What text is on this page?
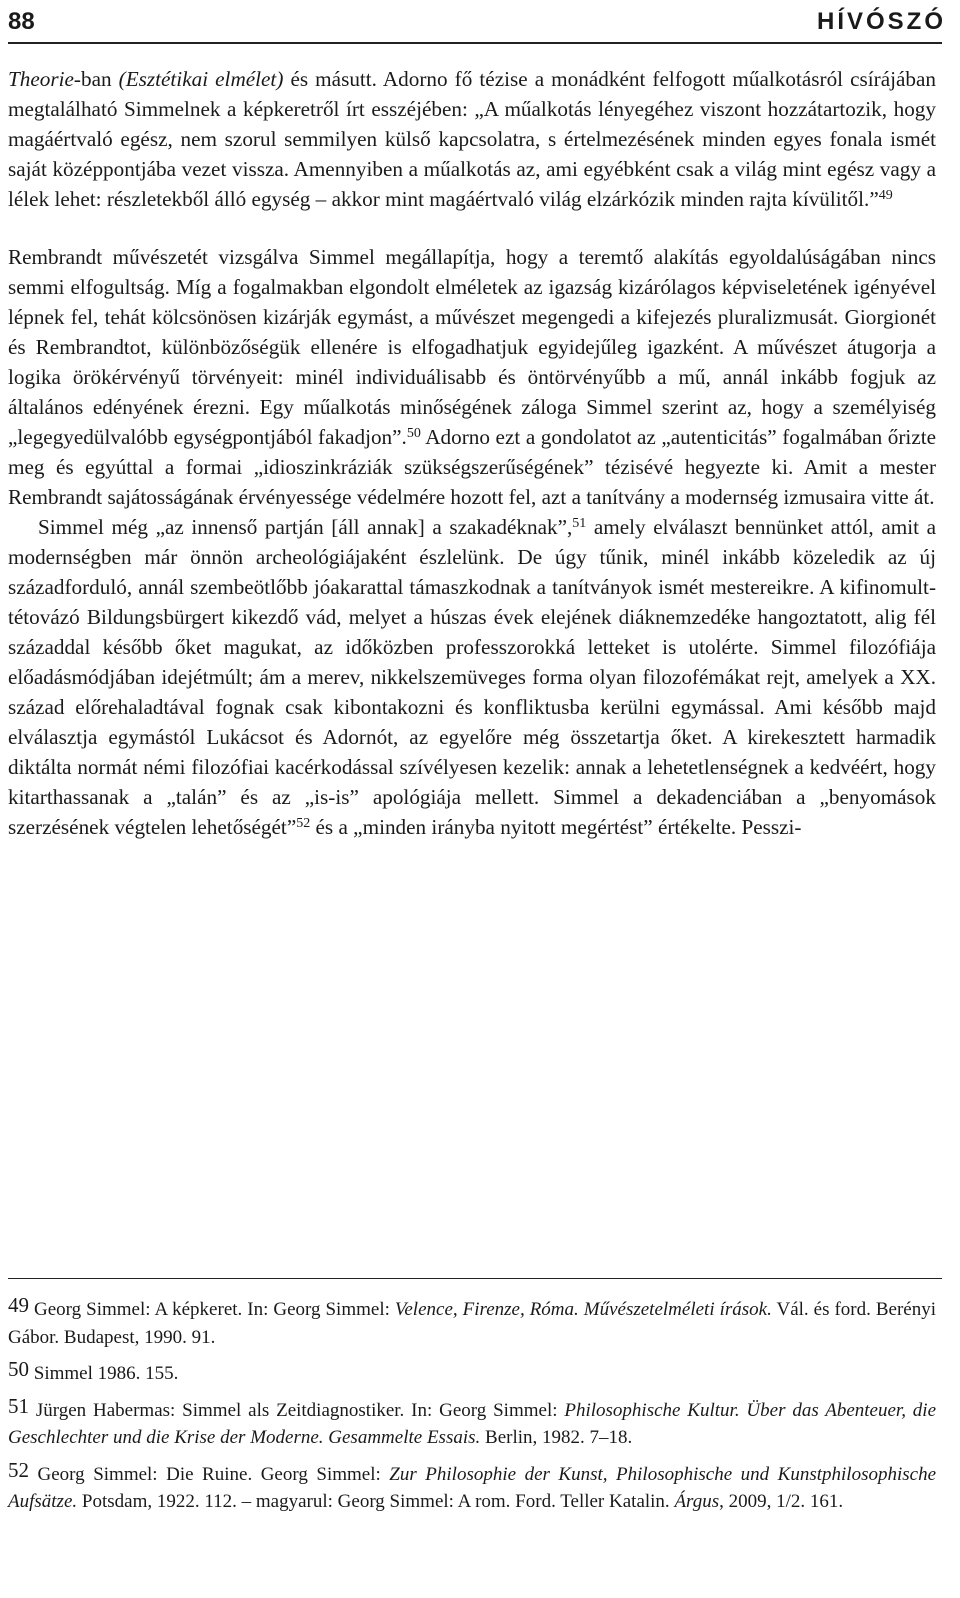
88	HÍVÓSZÓ

Theorie-ban (Esztétikai elmélet) és másutt. Adorno fő tézise a monádként felfogott műalkotásról csírájában megtalálható Simmelnek a képkeretről írt esszéjében: „A műalkotás lényegéhez viszont hozzátartozik, hogy magáértvaló egész, nem szorul semmilyen külső kapcsolatra, s értelmezésének minden egyes fonala ismét saját középpontjába vezet vissza. Amennyiben a műalkotás az, ami egyébként csak a világ mint egész vagy a lélek lehet: részletekből álló egység – akkor mint magáértvaló világ elzárkózik minden rajta kívülitől.”$^{49}$

Rembrandt művészetét vizsgálva Simmel megállapítja, hogy a teremtő alakítás egyoldalúságában nincs semmi elfogultság. Míg a fogalmakban elgondolt elméletek az igazság kizárólagos képviseletének igényével lépnek fel, tehát kölcsönösen kizárják egymást, a művészet megengedi a kifejezés pluralizmusát. Giorgionét és Rembrandtot, különbözőségük ellenére is elfogadhatjuk egyidejűleg igazként. A művészet átugorja a logika örökérvényű törvényeit: minél individuálisabb és öntörvényűbb a mű, annál inkább fogjuk az általános edényének érezni. Egy műalkotás minőségének záloga Simmel szerint az, hogy a személyiség „legegyedülvalóbb egységpontjából fakadjon”.$^{50}$ Adorno ezt a gondolatot az „autenticitás” fogalmában őrizte meg és egyúttal a formai „idioszinkráziák szükségszerűségének” tézisévé hegyezte ki. Amit a mester Rembrandt sajátosságának érvényessége védelmére hozott fel, azt a tanítvány a modernség izmusaira vitte át.

Simmel még „az innenső partján [áll annak] a szakadéknak”,$^{51}$ amely elválaszt bennünket attól, amit a modernségben már önnön archeológiájaként észlelünk. De úgy tűnik, minél inkább közeledik az új századforduló, annál szembeötlőbb jóakarattal támaszkodnak a tanítványok ismét mestereikre. A kifinomult-tétovázó Bildungsbürgert kikezdő vád, melyet a húszas évek elejének diáknemzedéke hangoztatott, alig fél századdal később őket magukat, az időközben professzorokká letteket is utolérte. Simmel filozófiája előadásmódjában idejétmúlt; ám a merev, nikkelszemüveges forma olyan filozofémákat rejt, amelyek a XX. század előrehaladtával fognak csak kibontakozni és konfliktusba kerülni egymással. Ami később majd elválasztja egymástól Lukácsot és Adornót, az egyelőre még összetartja őket. A kirekesztett harmadik diktálta normát némi filozófiai kacérkodással szívélyesen kezelik: annak a lehetetlenségnek a kedvéért, hogy kitarthassanak a „talán” és az „is-is” apológiája mellett. Simmel a dekadenciában a „benyomások szerzésének végtelen lehetőségét”$^{52}$ és a „minden irányba nyitott megértést” értékelte. Pesszi-

49 Georg Simmel: A képkeret. In: Georg Simmel: Velence, Firenze, Róma. Művészetelméleti írások. Vál. és ford. Berényi Gábor. Budapest, 1990. 91.

50 Simmel 1986. 155.

51 Jürgen Habermas: Simmel als Zeitdiagnostiker. In: Georg Simmel: Philosophische Kultur. Über das Abenteuer, die Geschlechter und die Krise der Moderne. Gesammelte Essais. Berlin, 1982. 7–18.

52 Georg Simmel: Die Ruine. Georg Simmel: Zur Philosophie der Kunst, Philosophische und Kunstphilosophische Aufsätze. Potsdam, 1922. 112. – magyarul: Georg Simmel: A rom. Ford. Teller Katalin. Árgus, 2009, 1/2. 161.
